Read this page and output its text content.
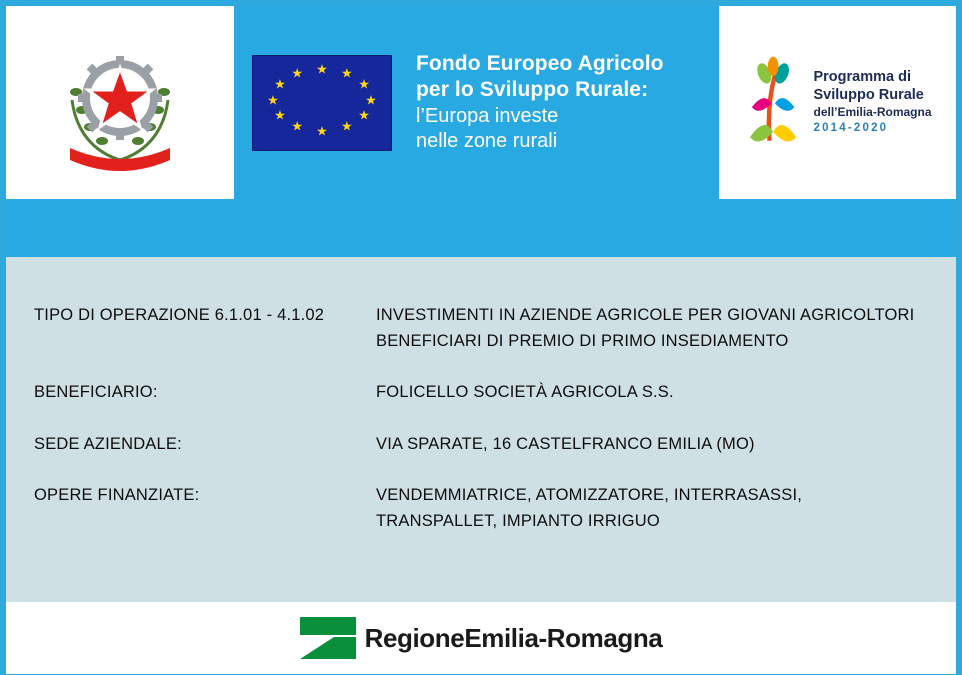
★ ★
★
★
★
★
★
★
★
★
★
★	Fondo Europeo Agricolo
per lo Sviluppo Rurale:
l’Europa investe
nelle zone rurali
Programma di
Sviluppo Rurale
dell’Emilia-Romagna
2014-2020
TIPO DI OPERAZIONE 6.1.01 - 4.1.02	INVESTIMENTI IN AZIENDE AGRICOLE PER GIOVANI AGRICOLTORI
BENEFICIARI DI PREMIO DI PRIMO INSEDIAMENTO
BENEFICIARIO:	FOLICELLO SOCIETÀ AGRICOLA S.S.
SEDE AZIENDALE:	VIA SPARATE, 16 CASTELFRANCO EMILIA (MO)
OPERE FINANZIATE:	VENDEMMIATRICE, ATOMIZZATORE, INTERRASASSI,
TRANSPALLET, IMPIANTO IRRIGUO
RegioneEmilia-Romagna
